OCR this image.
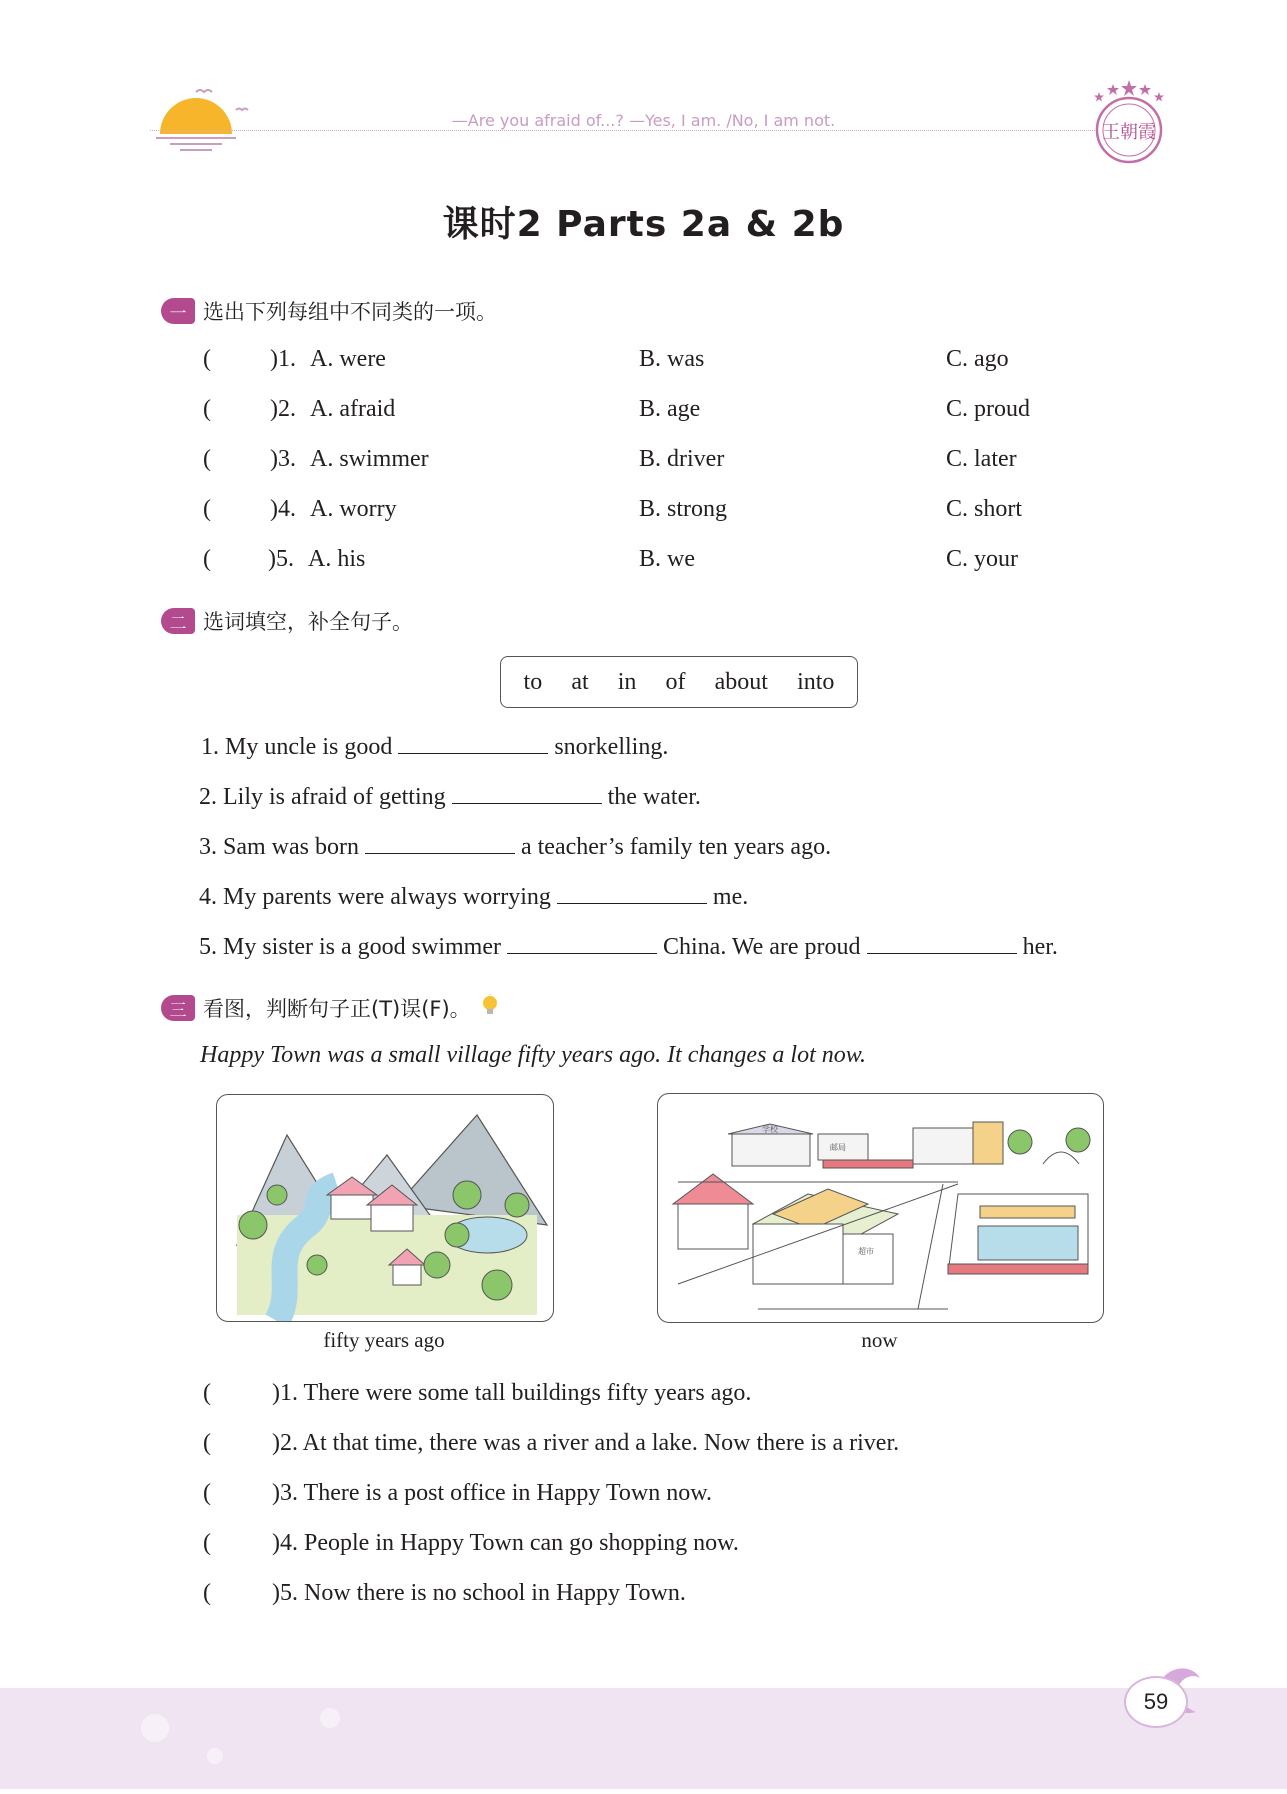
—Are you afraid of...? —Yes, I am. /No, I am not.
王朝霞
课时2 Parts 2a & 2b
一 选出下列每组中不同类的一项。
( )1. A. were	B. was	C. ago
( )2. A. afraid	B. age	C. proud
( )3. A. swimmer	B. driver	C. later
( )4. A. worry	B. strong	C. short
( )5. A. his	B. we	C. your
二 选词填空，补全句子。
to at in of about into
1. My uncle is good	snorkelling.
2. Lily is afraid of getting	the water.
3. Sam was born	a teacher’s family ten years ago.
4. My parents were always worrying	me.
5. My sister is a good swimmer	China. We are proud	her.
三 看图，判断句子正(T)误(F)。
Happy Town was a small village fifty years ago. It changes a lot now.
fifty years ago
学校
邮局
超市
now
(	)1. There were some tall buildings fifty years ago.
(	)2. At that time, there was a river and a lake. Now there is a river.
(	)3. There is a post office in Happy Town now.
(	)4. People in Happy Town can go shopping now.
(	)5. Now there is no school in Happy Town.
59
